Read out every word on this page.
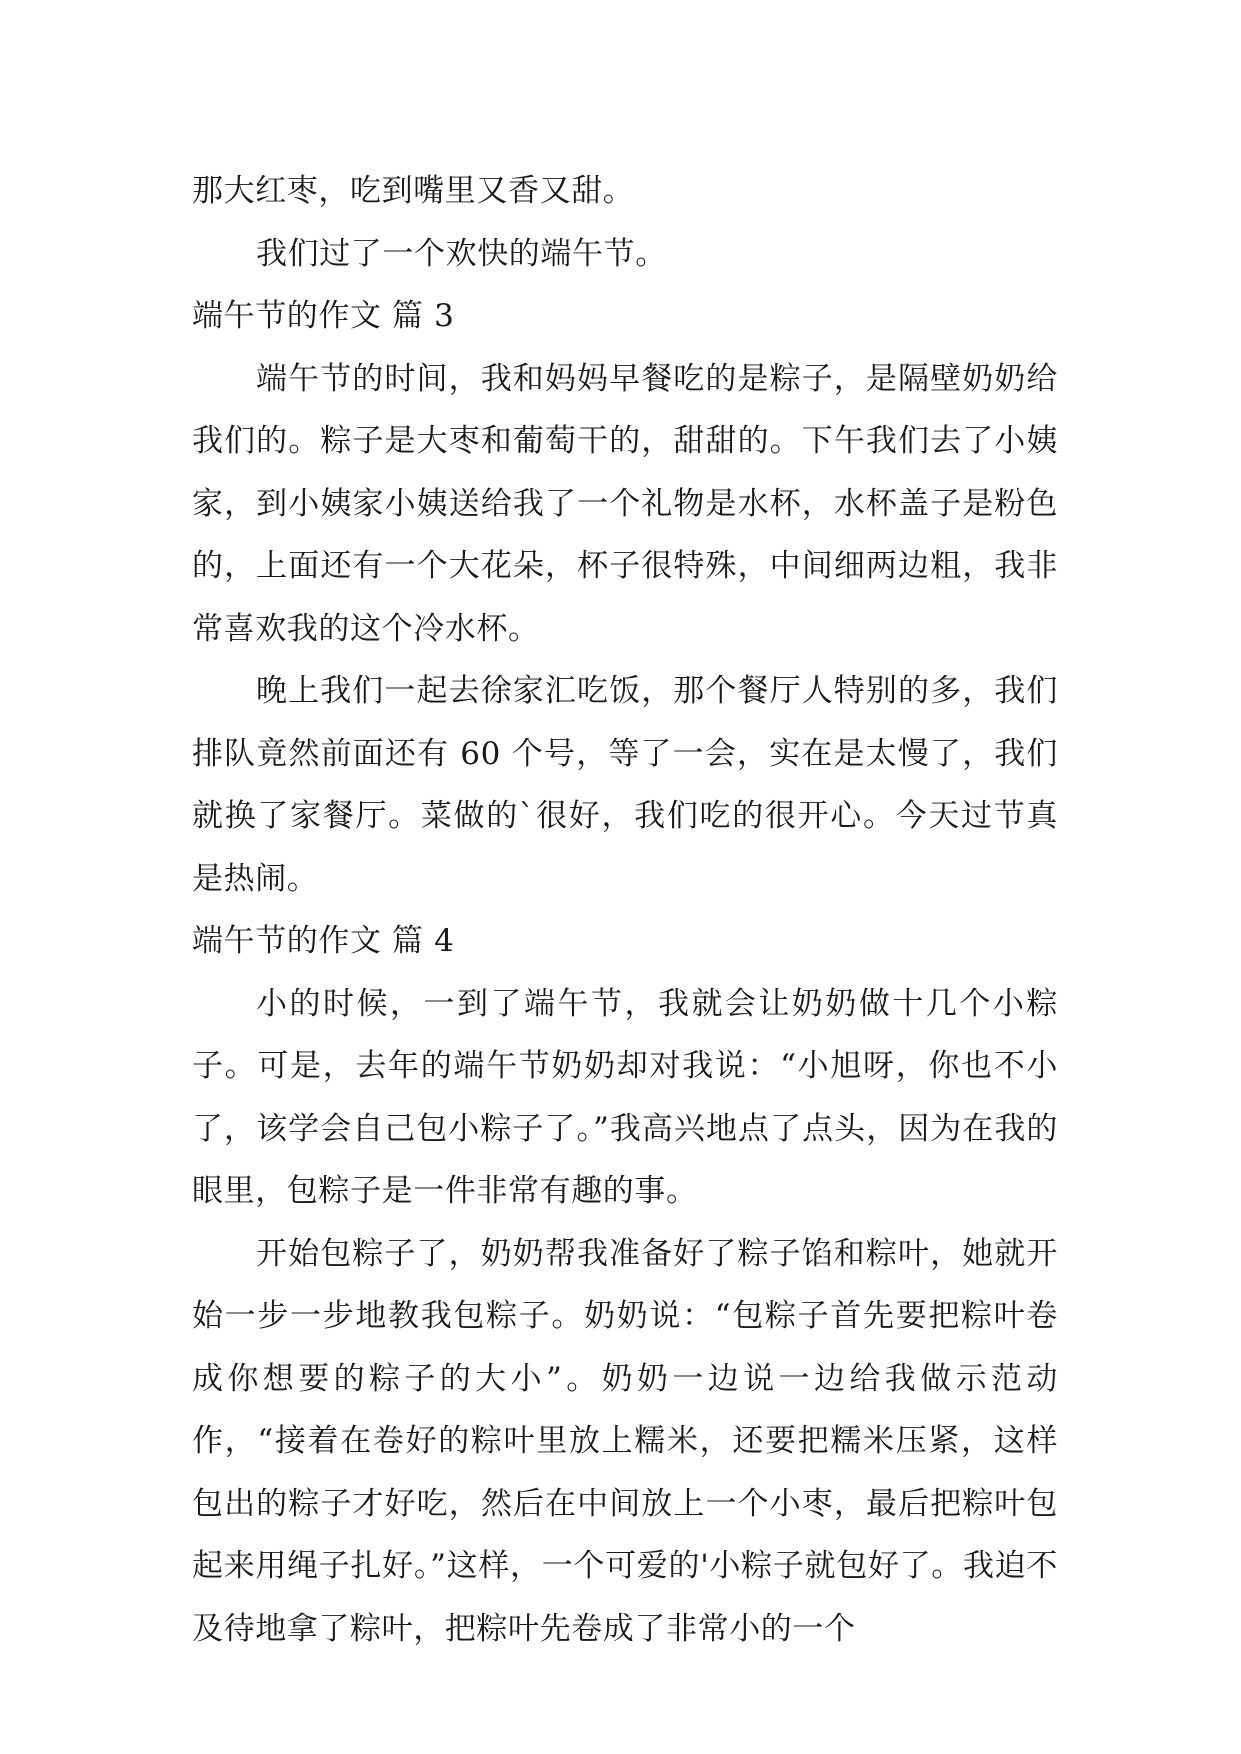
那大红枣，吃到嘴里又香又甜。

我们过了一个欢快的端午节。

端午节的作文 篇 3

端午节的时间，我和妈妈早餐吃的是粽子，是隔壁奶奶给我们的。粽子是大枣和葡萄干的，甜甜的。下午我们去了小姨家，到小姨家小姨送给我了一个礼物是水杯，水杯盖子是粉色的，上面还有一个大花朵，杯子很特殊，中间细两边粗，我非常喜欢我的这个冷水杯。

晚上我们一起去徐家汇吃饭，那个餐厅人特别的多，我们排队竟然前面还有 60 个号，等了一会，实在是太慢了，我们就换了家餐厅。菜做的`很好，我们吃的很开心。今天过节真是热闹。

端午节的作文 篇 4

小的时候，一到了端午节，我就会让奶奶做十几个小粽子。可是，去年的端午节奶奶却对我说：“小旭呀，你也不小了，该学会自己包小粽子了。”我高兴地点了点头，因为在我的眼里，包粽子是一件非常有趣的事。

开始包粽子了，奶奶帮我准备好了粽子馅和粽叶，她就开始一步一步地教我包粽子。奶奶说：“包粽子首先要把粽叶卷成你想要的粽子的大小”。奶奶一边说一边给我做示范动作，“接着在卷好的粽叶里放上糯米，还要把糯米压紧，这样包出的粽子才好吃，然后在中间放上一个小枣，最后把粽叶包起来用绳子扎好。”这样，一个可爱的'小粽子就包好了。我迫不及待地拿了粽叶，把粽叶先卷成了非常小的一个
